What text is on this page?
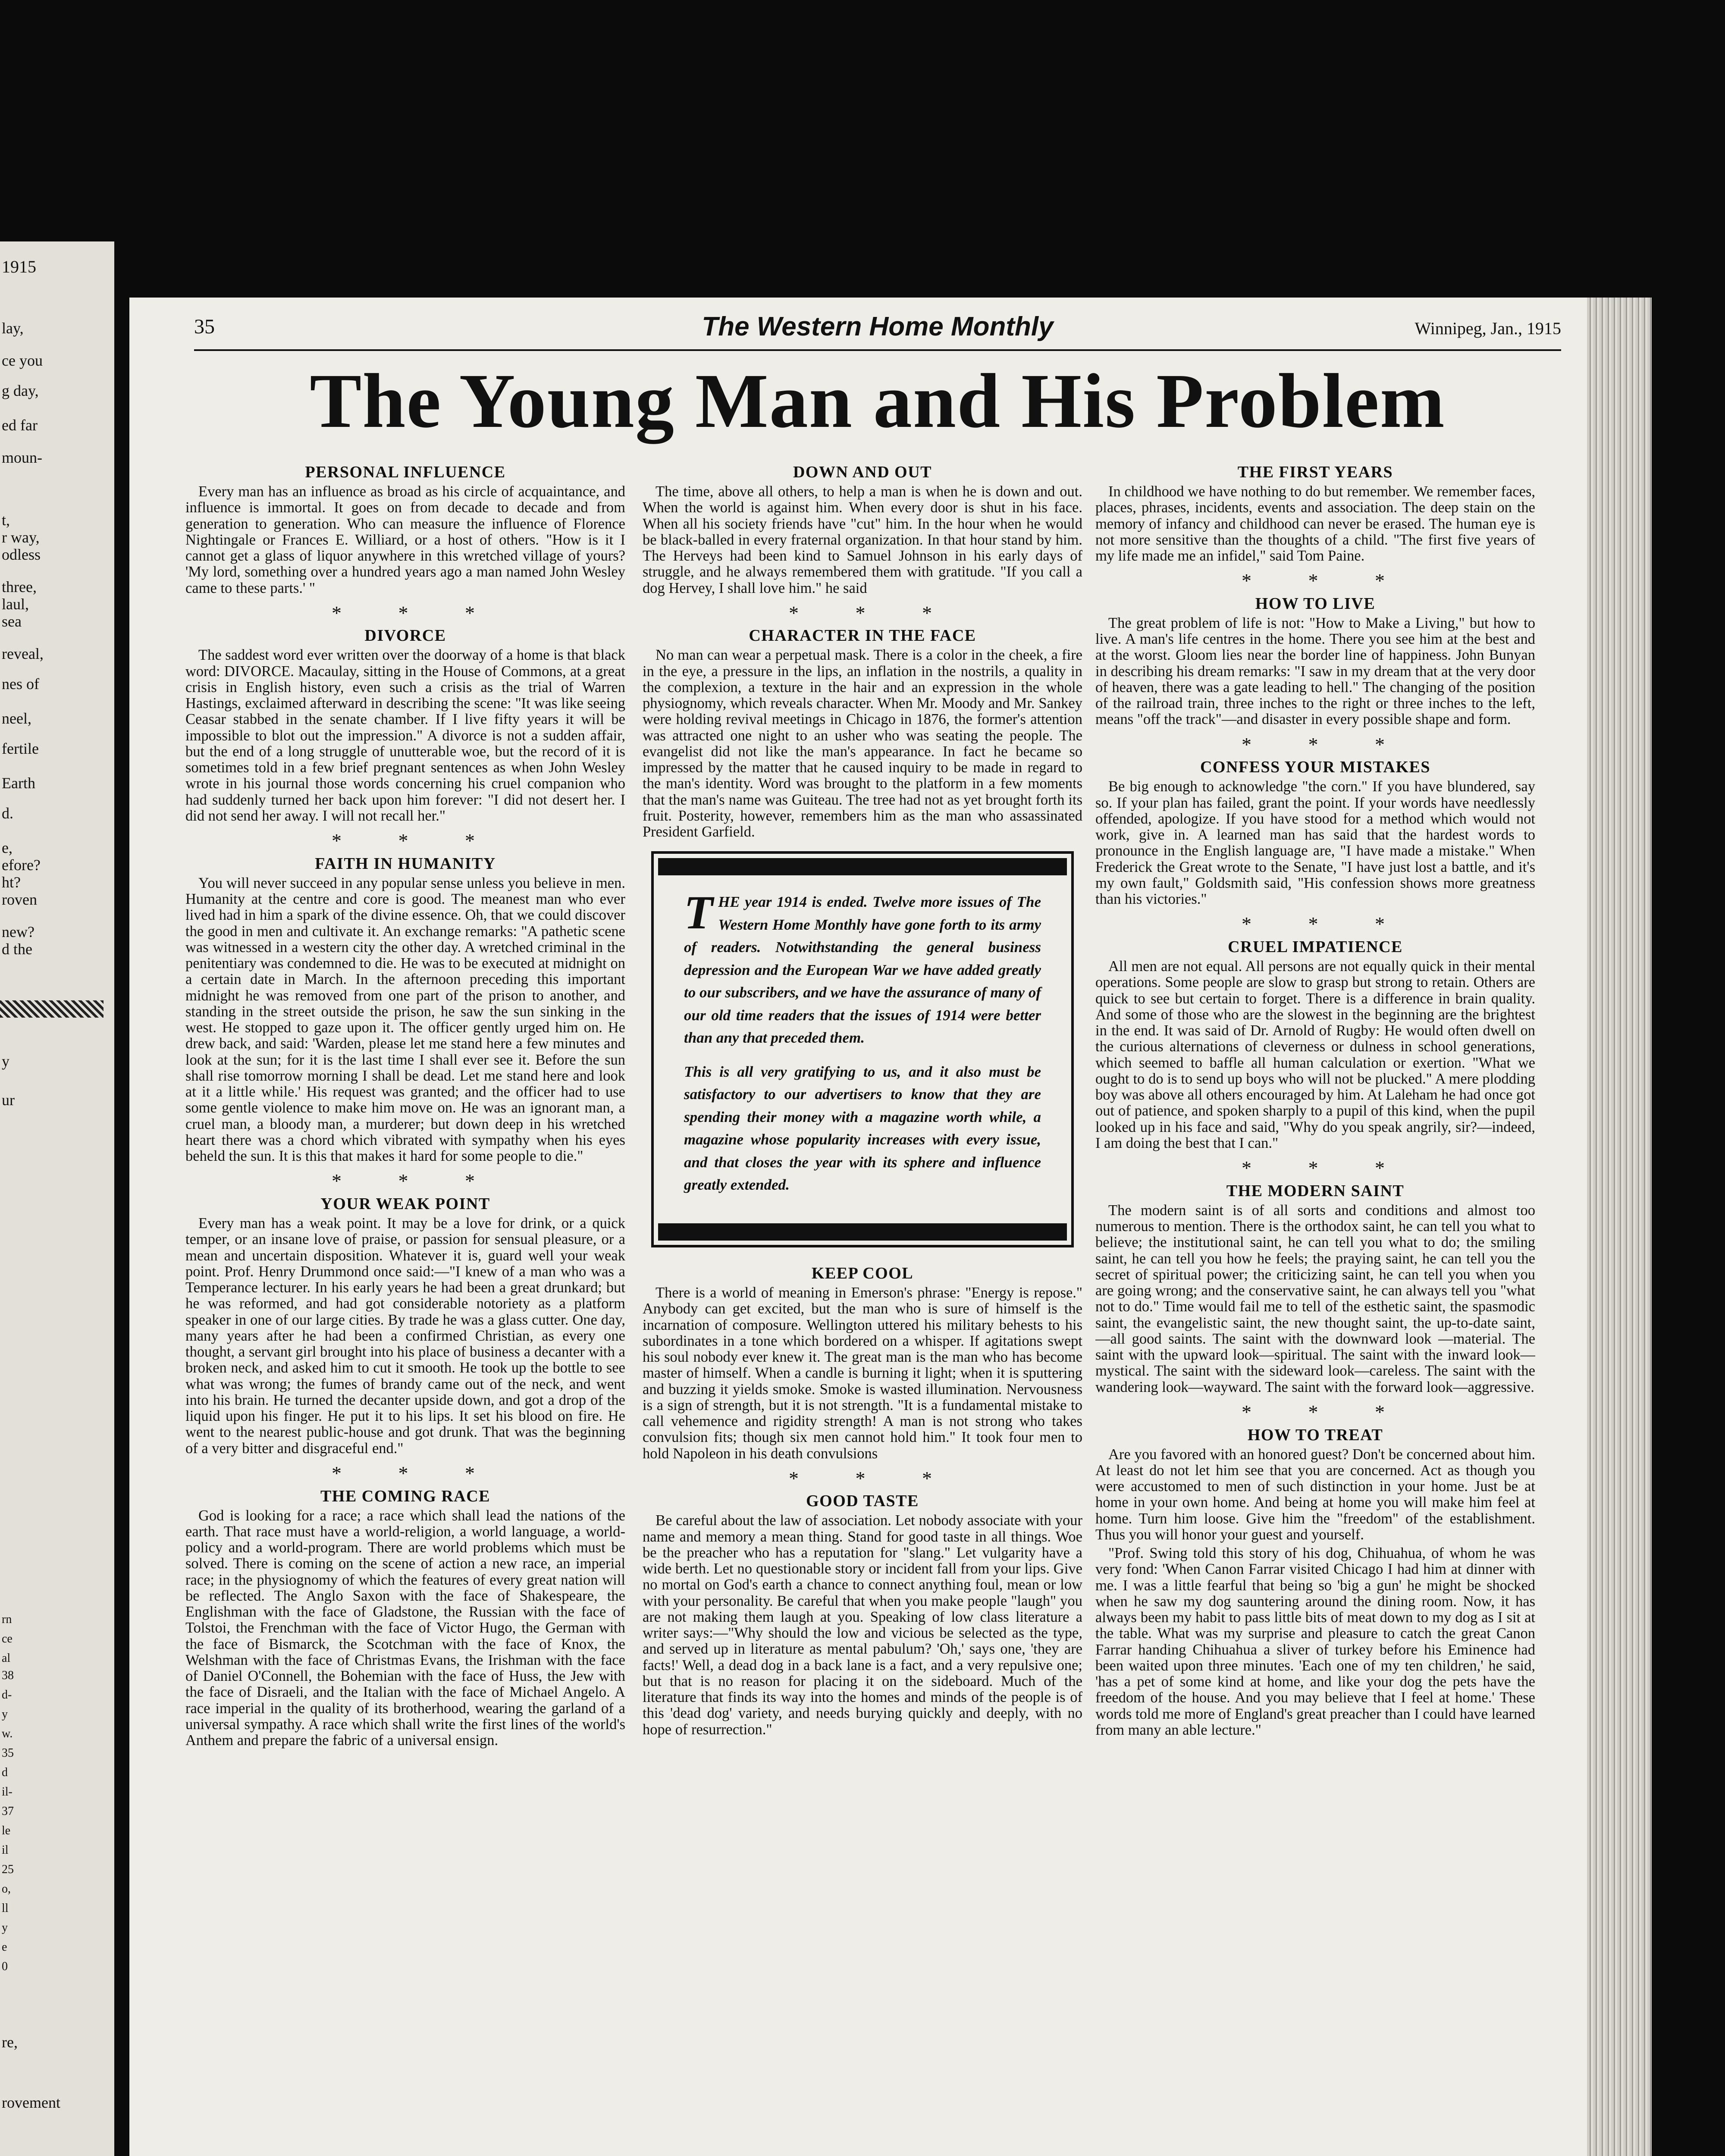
1915
lay,
ce you
g day,
ed far
moun-
t,
r way,
odless
three,
laul,
sea
reveal,
nes of
neel,
fertile
Earth
d.
e,
efore?
ht?
roven
new?
d the
y
ur
rn
ce
al
38
d-
y
w.
35
d
il-
37
le
il
25
o,
ll
y
e
0
re,
rovement
35	The Western Home Monthly	Winnipeg, Jan., 1915
The Young Man and His Problem
PERSONAL INFLUENCE

Every man has an influence as broad as his circle of acquaintance, and influence is immortal. It goes on from decade to decade and from generation to generation. Who can measure the influence of Florence Nightingale or Frances E. Williard, or a host of others. "How is it I cannot get a glass of liquor anywhere in this wretched village of yours? 'My lord, something over a hundred years ago a man named John Wesley came to these parts.' "

* * *
DIVORCE

The saddest word ever written over the doorway of a home is that black word: DIVORCE. Macaulay, sitting in the House of Commons, at a great crisis in English history, even such a crisis as the trial of Warren Hastings, exclaimed afterward in describing the scene: "It was like seeing Ceasar stabbed in the senate chamber. If I live fifty years it will be impossible to blot out the impression." A divorce is not a sudden affair, but the end of a long struggle of unutterable woe, but the record of it is sometimes told in a few brief pregnant sentences as when John Wesley wrote in his journal those words concerning his cruel companion who had suddenly turned her back upon him forever: "I did not desert her. I did not send her away. I will not recall her."

* * *
FAITH IN HUMANITY

You will never succeed in any popular sense unless you believe in men. Humanity at the centre and core is good. The meanest man who ever lived had in him a spark of the divine essence. Oh, that we could discover the good in men and cultivate it. An exchange remarks: "A pathetic scene was witnessed in a western city the other day. A wretched criminal in the penitentiary was condemned to die. He was to be executed at midnight on a certain date in March. In the afternoon preceding this important midnight he was removed from one part of the prison to another, and standing in the street outside the prison, he saw the sun sinking in the west. He stopped to gaze upon it. The officer gently urged him on. He drew back, and said: 'Warden, please let me stand here a few minutes and look at the sun; for it is the last time I shall ever see it. Before the sun shall rise tomorrow morning I shall be dead. Let me stand here and look at it a little while.' His request was granted; and the officer had to use some gentle violence to make him move on. He was an ignorant man, a cruel man, a bloody man, a murderer; but down deep in his wretched heart there was a chord which vibrated with sympathy when his eyes beheld the sun. It is this that makes it hard for some people to die."

* * *
YOUR WEAK POINT

Every man has a weak point. It may be a love for drink, or a quick temper, or an insane love of praise, or passion for sensual pleasure, or a mean and uncertain disposition. Whatever it is, guard well your weak point. Prof. Henry Drummond once said:—"I knew of a man who was a Temperance lecturer. In his early years he had been a great drunkard; but he was reformed, and had got considerable notoriety as a platform speaker in one of our large cities. By trade he was a glass cutter. One day, many years after he had been a confirmed Christian, as every one thought, a servant girl brought into his place of business a decanter with a broken neck, and asked him to cut it smooth. He took up the bottle to see what was wrong; the fumes of brandy came out of the neck, and went into his brain. He turned the decanter upside down, and got a drop of the liquid upon his finger. He put it to his lips. It set his blood on fire. He went to the nearest public-house and got drunk. That was the beginning of a very bitter and disgraceful end."

* * *
THE COMING RACE

God is looking for a race; a race which shall lead the nations of the earth. That race must have a world-religion, a world language, a world-policy and a world-program. There are world problems which must be solved. There is coming on the scene of action a new race, an imperial race; in the physiognomy of which the features of every great nation will be reflected. The Anglo Saxon with the face of Shakespeare, the Englishman with the face of Gladstone, the Russian with the face of Tolstoi, the Frenchman with the face of Victor Hugo, the German with the face of Bismarck, the Scotchman with the face of Knox, the Welshman with the face of Christmas Evans, the Irishman with the face of Daniel O'Connell, the Bohemian with the face of Huss, the Jew with the face of Disraeli, and the Italian with the face of Michael Angelo. A race imperial in the quality of its brotherhood, wearing the garland of a universal sympathy. A race which shall write the first lines of the world's Anthem and prepare the fabric of a universal ensign.

DOWN AND OUT

The time, above all others, to help a man is when he is down and out. When the world is against him. When every door is shut in his face. When all his society friends have "cut" him. In the hour when he would be black-balled in every fraternal organization. In that hour stand by him. The Herveys had been kind to Samuel Johnson in his early days of struggle, and he always remembered them with gratitude. "If you call a dog Hervey, I shall love him." he said

* * *
CHARACTER IN THE FACE

No man can wear a perpetual mask. There is a color in the cheek, a fire in the eye, a pressure in the lips, an inflation in the nostrils, a quality in the complexion, a texture in the hair and an expression in the whole physiognomy, which reveals character. When Mr. Moody and Mr. Sankey were holding revival meetings in Chicago in 1876, the former's attention was attracted one night to an usher who was seating the people. The evangelist did not like the man's appearance. In fact he became so impressed by the matter that he caused inquiry to be made in regard to the man's identity. Word was brought to the platform in a few moments that the man's name was Guiteau. The tree had not as yet brought forth its fruit. Posterity, however, remembers him as the man who assassinated President Garfield.

THE year 1914 is ended. Twelve more issues of The Western Home Monthly have gone forth to its army of readers. Notwithstanding the general business depression and the European War we have added greatly to our subscribers, and we have the assurance of many of our old time readers that the issues of 1914 were better than any that preceded them.

This is all very gratifying to us, and it also must be satisfactory to our advertisers to know that they are spending their money with a magazine worth while, a magazine whose popularity increases with every issue, and that closes the year with its sphere and influence greatly extended.

KEEP COOL

There is a world of meaning in Emerson's phrase: "Energy is repose." Anybody can get excited, but the man who is sure of himself is the incarnation of composure. Wellington uttered his military behests to his subordinates in a tone which bordered on a whisper. If agitations swept his soul nobody ever knew it. The great man is the man who has become master of himself. When a candle is burning it light; when it is sputtering and buzzing it yields smoke. Smoke is wasted illumination. Nervousness is a sign of strength, but it is not strength. "It is a fundamental mistake to call vehemence and rigidity strength! A man is not strong who takes convulsion fits; though six men cannot hold him." It took four men to hold Napoleon in his death convulsions

* * *
GOOD TASTE

Be careful about the law of association. Let nobody associate with your name and memory a mean thing. Stand for good taste in all things. Woe be the preacher who has a reputation for "slang." Let vulgarity have a wide berth. Let no questionable story or incident fall from your lips. Give no mortal on God's earth a chance to connect anything foul, mean or low with your personality. Be careful that when you make people "laugh" you are not making them laugh at you. Speaking of low class literature a writer says:—"Why should the low and vicious be selected as the type, and served up in literature as mental pabulum? 'Oh,' says one, 'they are facts!' Well, a dead dog in a back lane is a fact, and a very repulsive one; but that is no reason for placing it on the sideboard. Much of the literature that finds its way into the homes and minds of the people is of this 'dead dog' variety, and needs burying quickly and deeply, with no hope of resurrection."

THE FIRST YEARS

In childhood we have nothing to do but remember. We remember faces, places, phrases, incidents, events and association. The deep stain on the memory of infancy and childhood can never be erased. The human eye is not more sensitive than the thoughts of a child. "The first five years of my life made me an infidel," said Tom Paine.

* * *
HOW TO LIVE

The great problem of life is not: "How to Make a Living," but how to live. A man's life centres in the home. There you see him at the best and at the worst. Gloom lies near the border line of happiness. John Bunyan in describing his dream remarks: "I saw in my dream that at the very door of heaven, there was a gate leading to hell." The changing of the position of the railroad train, three inches to the right or three inches to the left, means "off the track"—and disaster in every possible shape and form.

* * *
CONFESS YOUR MISTAKES

Be big enough to acknowledge "the corn." If you have blundered, say so. If your plan has failed, grant the point. If your words have needlessly offended, apologize. If you have stood for a method which would not work, give in. A learned man has said that the hardest words to pronounce in the English language are, "I have made a mistake." When Frederick the Great wrote to the Senate, "I have just lost a battle, and it's my own fault," Goldsmith said, "His confession shows more greatness than his victories."

* * *
CRUEL IMPATIENCE

All men are not equal. All persons are not equally quick in their mental operations. Some people are slow to grasp but strong to retain. Others are quick to see but certain to forget. There is a difference in brain quality. And some of those who are the slowest in the beginning are the brightest in the end. It was said of Dr. Arnold of Rugby: He would often dwell on the curious alternations of cleverness or dulness in school generations, which seemed to baffle all human calculation or exertion. "What we ought to do is to send up boys who will not be plucked." A mere plodding boy was above all others encouraged by him. At Laleham he had once got out of patience, and spoken sharply to a pupil of this kind, when the pupil looked up in his face and said, "Why do you speak angrily, sir?—indeed, I am doing the best that I can."

* * *
THE MODERN SAINT

The modern saint is of all sorts and conditions and almost too numerous to mention. There is the orthodox saint, he can tell you what to believe; the institutional saint, he can tell you what to do; the smiling saint, he can tell you how he feels; the praying saint, he can tell you the secret of spiritual power; the criticizing saint, he can tell you when you are going wrong; and the conservative saint, he can always tell you "what not to do." Time would fail me to tell of the esthetic saint, the spasmodic saint, the evangelistic saint, the new thought saint, the up-to-date saint, —all good saints. The saint with the downward look —material. The saint with the upward look—spiritual. The saint with the inward look—mystical. The saint with the sideward look—careless. The saint with the wandering look—wayward. The saint with the forward look—aggressive.

* * *
HOW TO TREAT

Are you favored with an honored guest? Don't be concerned about him. At least do not let him see that you are concerned. Act as though you were accustomed to men of such distinction in your home. Just be at home in your own home. And being at home you will make him feel at home. Turn him loose. Give him the "freedom" of the establishment. Thus you will honor your guest and yourself.

"Prof. Swing told this story of his dog, Chihuahua, of whom he was very fond: 'When Canon Farrar visited Chicago I had him at dinner with me. I was a little fearful that being so 'big a gun' he might be shocked when he saw my dog sauntering around the dining room. Now, it has always been my habit to pass little bits of meat down to my dog as I sit at the table. What was my surprise and pleasure to catch the great Canon Farrar handing Chihuahua a sliver of turkey before his Eminence had been waited upon three minutes. 'Each one of my ten children,' he said, 'has a pet of some kind at home, and like your dog the pets have the freedom of the house. And you may believe that I feel at home.' These words told me more of England's great preacher than I could have learned from many an able lecture."
